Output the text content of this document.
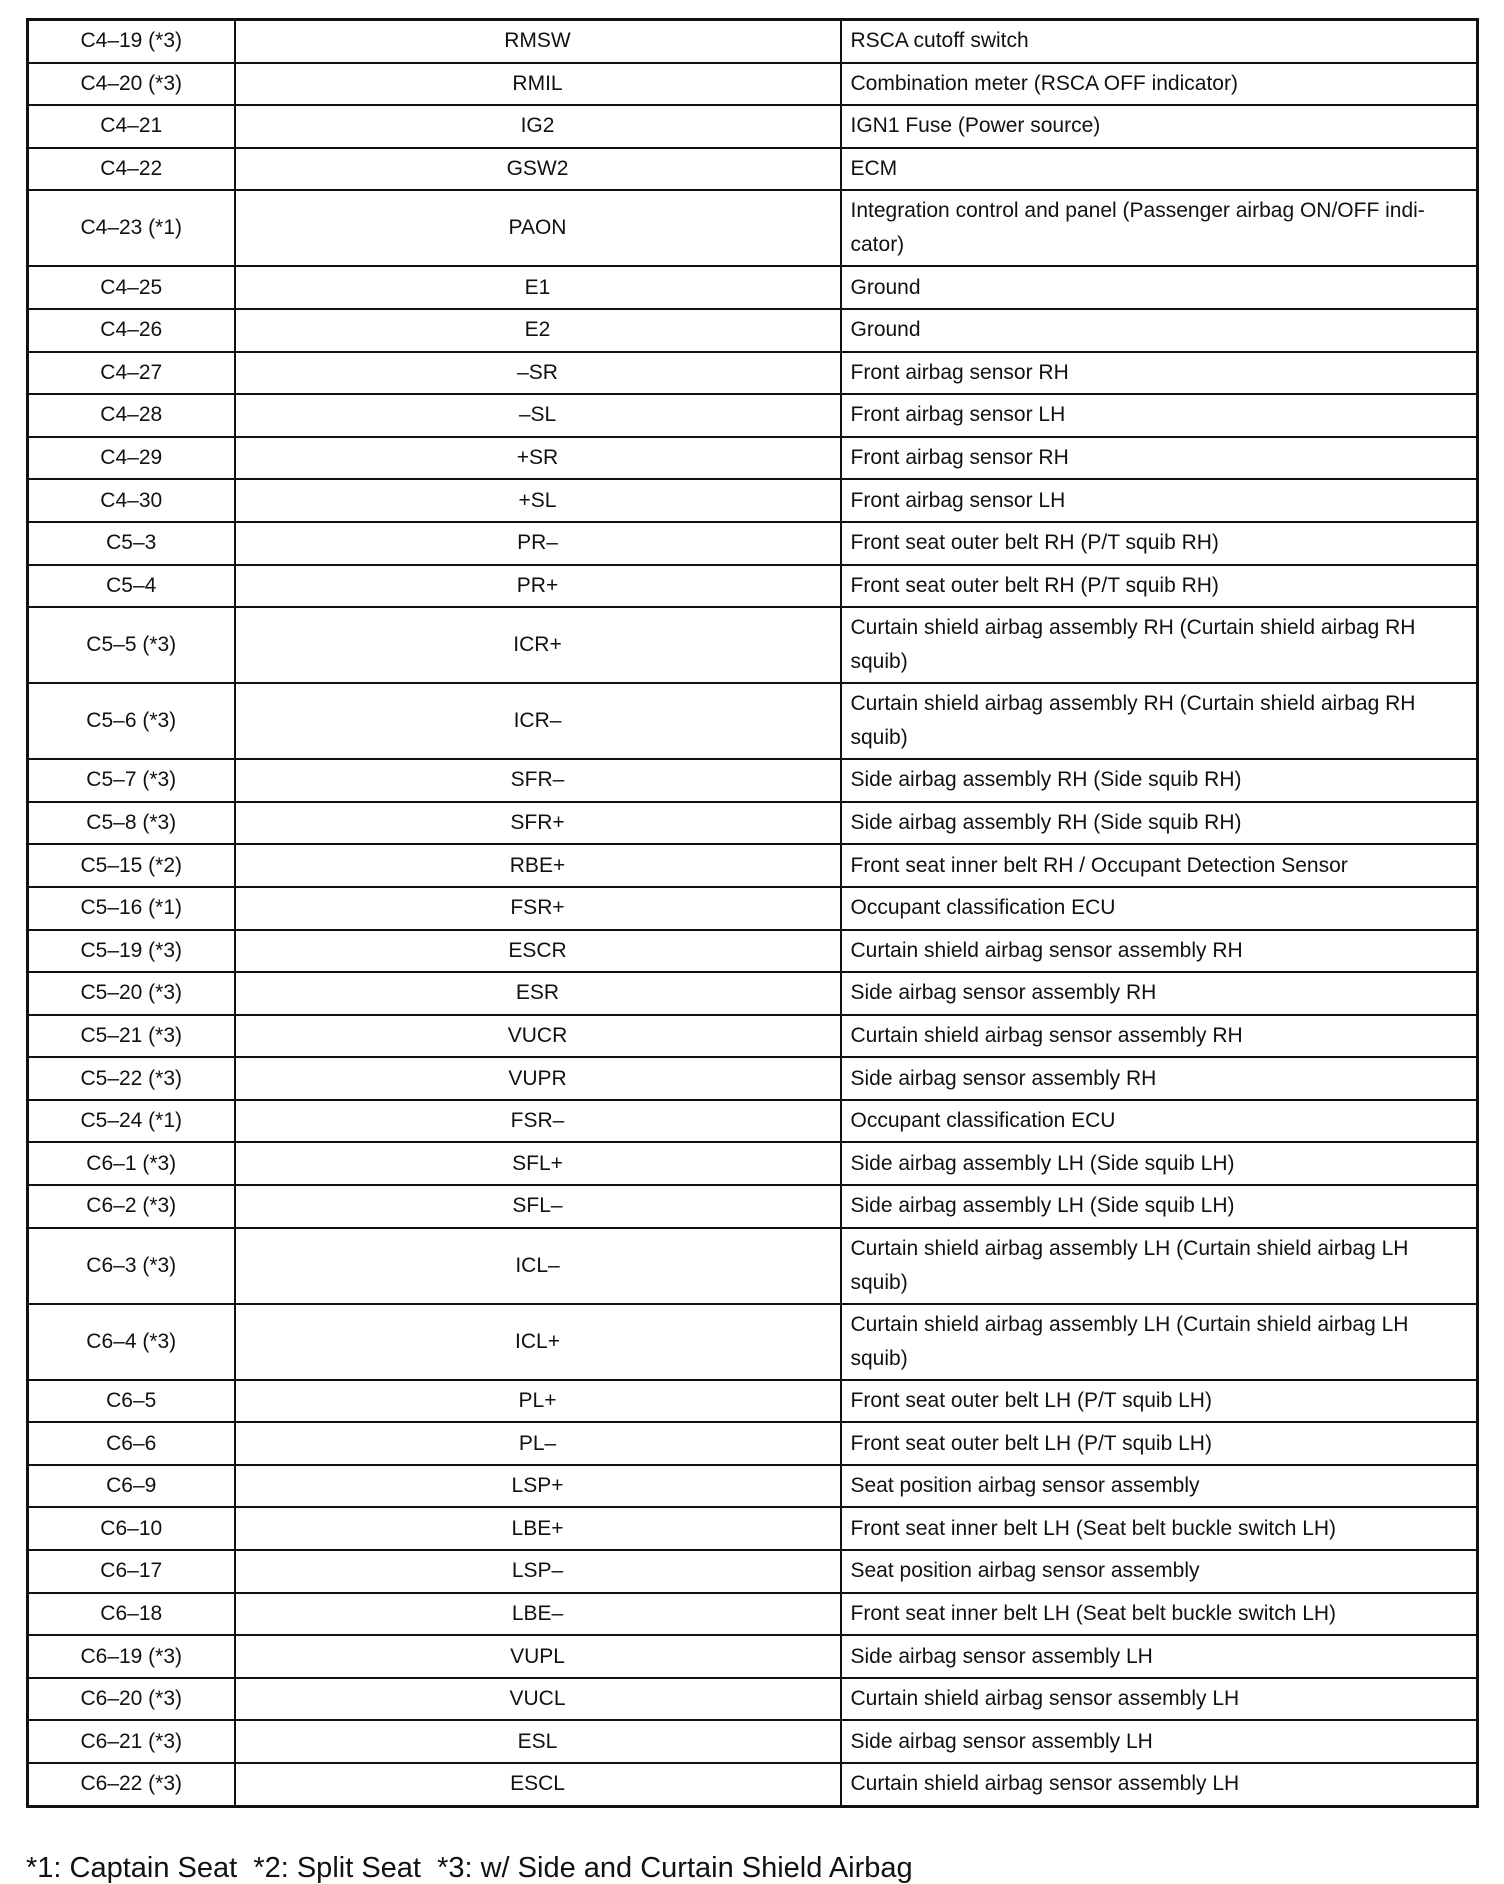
C4–19 (*3)	RMSW	RSCA cutoff switch
C4–20 (*3)	RMIL	Combination meter (RSCA OFF indicator)
C4–21	IG2	IGN1 Fuse (Power source)
C4–22	GSW2	ECM
C4–23 (*1)	PAON	Integration control and panel (Passenger airbag ON/OFF indi-cator)
C4–25	E1	Ground
C4–26	E2	Ground
C4–27	–SR	Front airbag sensor RH
C4–28	–SL	Front airbag sensor LH
C4–29	+SR	Front airbag sensor RH
C4–30	+SL	Front airbag sensor LH
C5–3	PR–	Front seat outer belt RH (P/T squib RH)
C5–4	PR+	Front seat outer belt RH (P/T squib RH)
C5–5 (*3)	ICR+	Curtain shield airbag assembly RH (Curtain shield airbag RH squib)
C5–6 (*3)	ICR–	Curtain shield airbag assembly RH (Curtain shield airbag RH squib)
C5–7 (*3)	SFR–	Side airbag assembly RH (Side squib RH)
C5–8 (*3)	SFR+	Side airbag assembly RH (Side squib RH)
C5–15 (*2)	RBE+	Front seat inner belt RH / Occupant Detection Sensor
C5–16 (*1)	FSR+	Occupant classification ECU
C5–19 (*3)	ESCR	Curtain shield airbag sensor assembly RH
C5–20 (*3)	ESR	Side airbag sensor assembly RH
C5–21 (*3)	VUCR	Curtain shield airbag sensor assembly RH
C5–22 (*3)	VUPR	Side airbag sensor assembly RH
C5–24 (*1)	FSR–	Occupant classification ECU
C6–1 (*3)	SFL+	Side airbag assembly LH (Side squib LH)
C6–2 (*3)	SFL–	Side airbag assembly LH (Side squib LH)
C6–3 (*3)	ICL–	Curtain shield airbag assembly LH (Curtain shield airbag LH squib)
C6–4 (*3)	ICL+	Curtain shield airbag assembly LH (Curtain shield airbag LH squib)
C6–5	PL+	Front seat outer belt LH (P/T squib LH)
C6–6	PL–	Front seat outer belt LH (P/T squib LH)
C6–9	LSP+	Seat position airbag sensor assembly
C6–10	LBE+	Front seat inner belt LH (Seat belt buckle switch LH)
C6–17	LSP–	Seat position airbag sensor assembly
C6–18	LBE–	Front seat inner belt LH (Seat belt buckle switch LH)
C6–19 (*3)	VUPL	Side airbag sensor assembly LH
C6–20 (*3)	VUCL	Curtain shield airbag sensor assembly LH
C6–21 (*3)	ESL	Side airbag sensor assembly LH
C6–22 (*3)	ESCL	Curtain shield airbag sensor assembly LH
*1: Captain Seat  *2: Split Seat  *3: w/ Side and Curtain Shield Airbag
